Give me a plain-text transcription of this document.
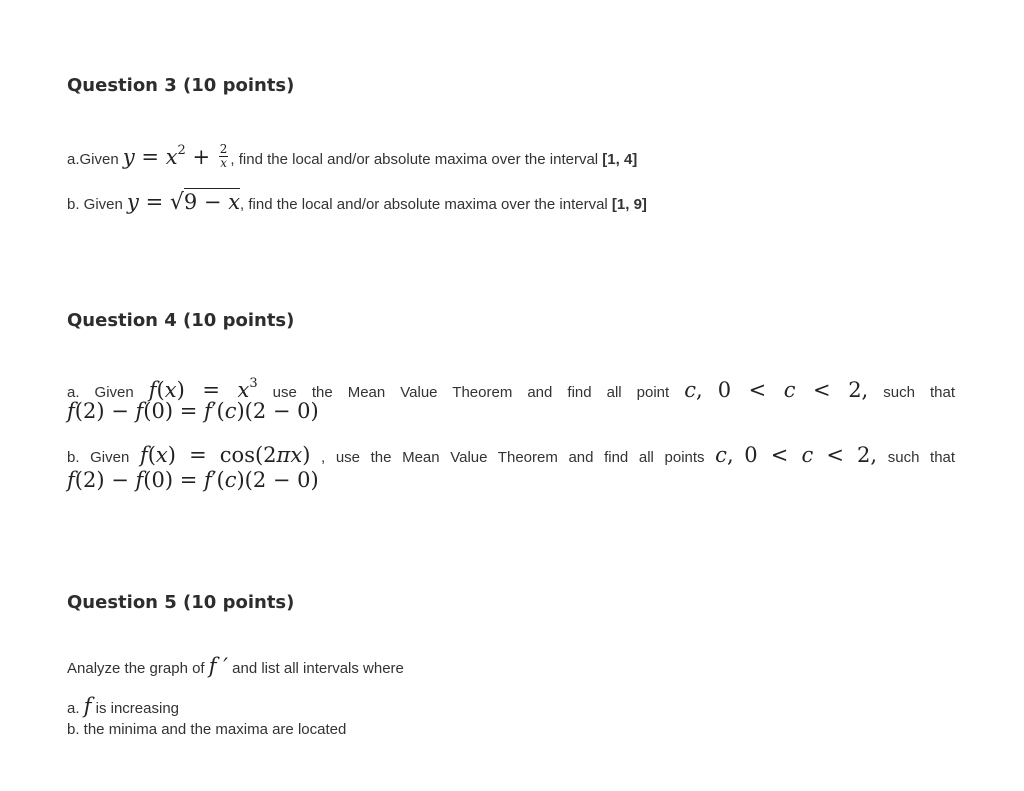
Question 3 (10 points)
a.Given $y = x^2 + \frac{2}{x}$ , find the local and/or absolute maxima over the interval [1, 4]
b. Given y = √9 − x, find the local and/or absolute maxima over the interval [1, 9]
Question 4 (10 points)
a. Given $f(x) = x^3$ use the Mean Value Theorem and find all point c, 0 < c < 2, such that
f(2) − f(0) = f′(c)(2 − 0)
b. Given f(x) = cos(2πx) , use the Mean Value Theorem and find all points c, 0 < c < 2, such that
f(2) − f(0) = f′(c)(2 − 0)
Question 5 (10 points)
Analyze the graph of f ′ and list all intervals where
a. f is increasing
b. the minima and the maxima are located
